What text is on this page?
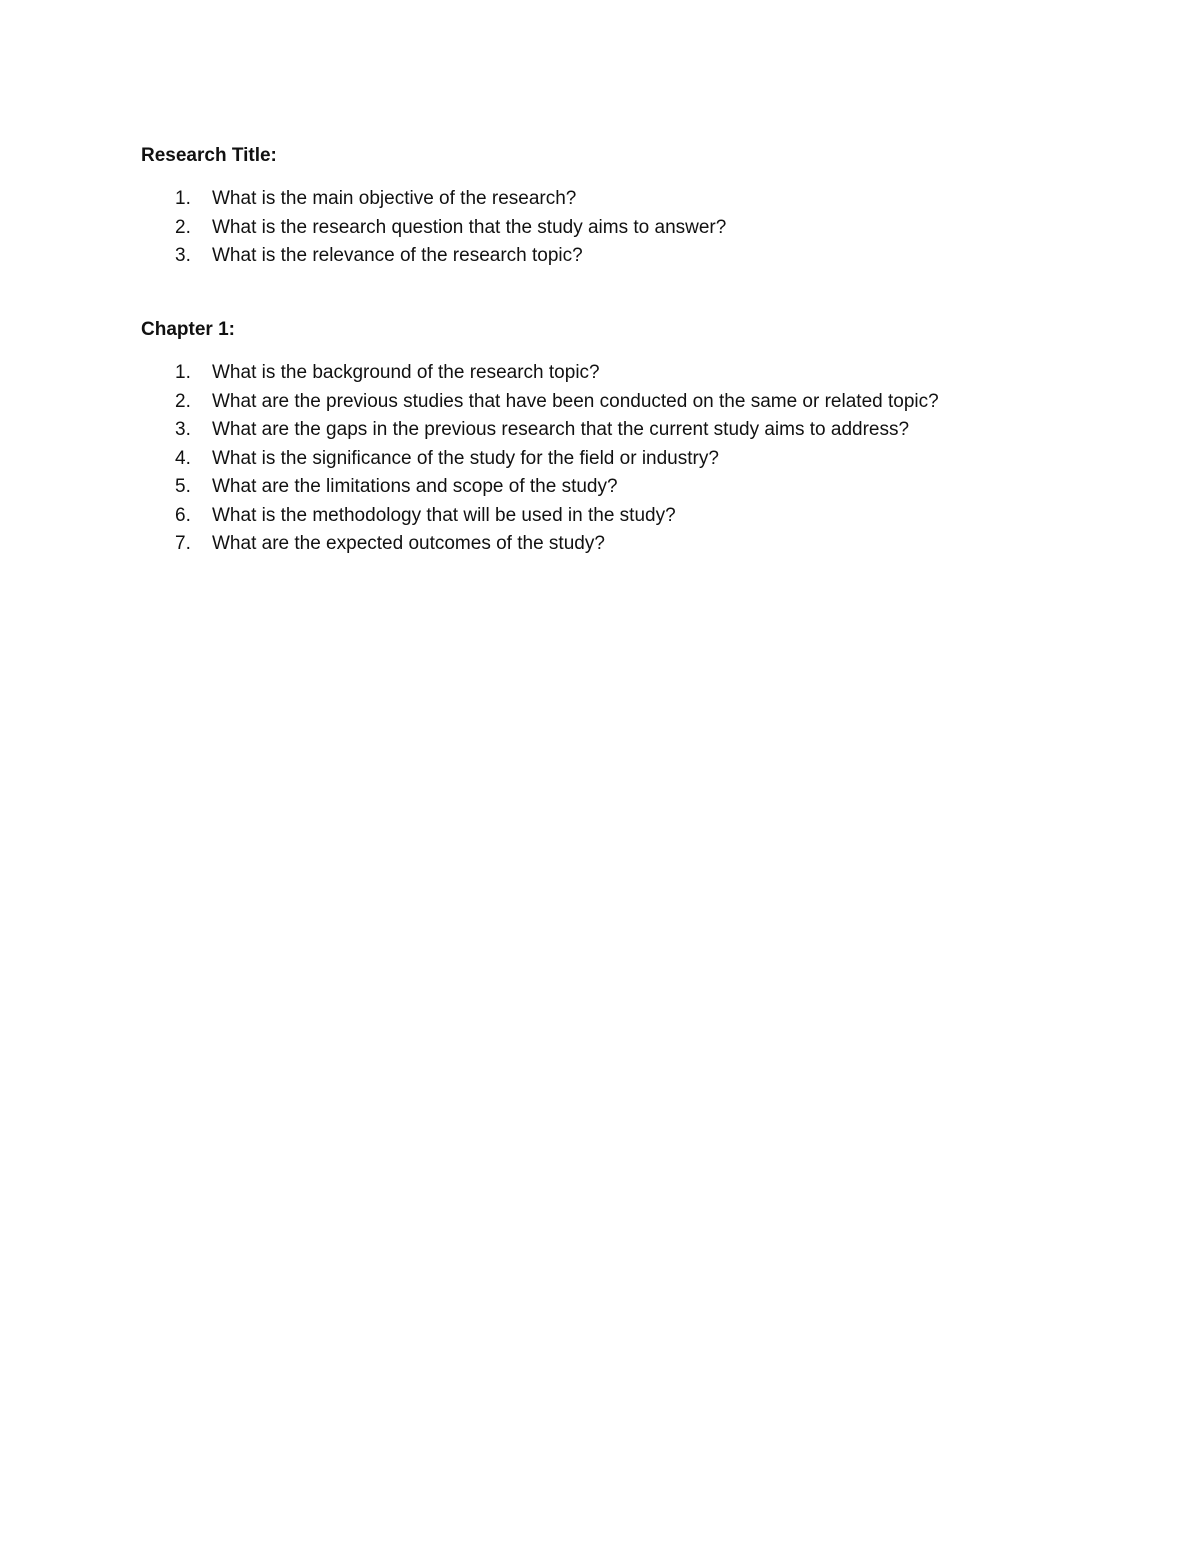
Research Title:
1.	What is the main objective of the research?
2.	What is the research question that the study aims to answer?
3.	What is the relevance of the research topic?
Chapter 1:
1.	What is the background of the research topic?
2.	What are the previous studies that have been conducted on the same or related topic?
3.	What are the gaps in the previous research that the current study aims to address?
4.	What is the significance of the study for the field or industry?
5.	What are the limitations and scope of the study?
6.	What is the methodology that will be used in the study?
7.	What are the expected outcomes of the study?
